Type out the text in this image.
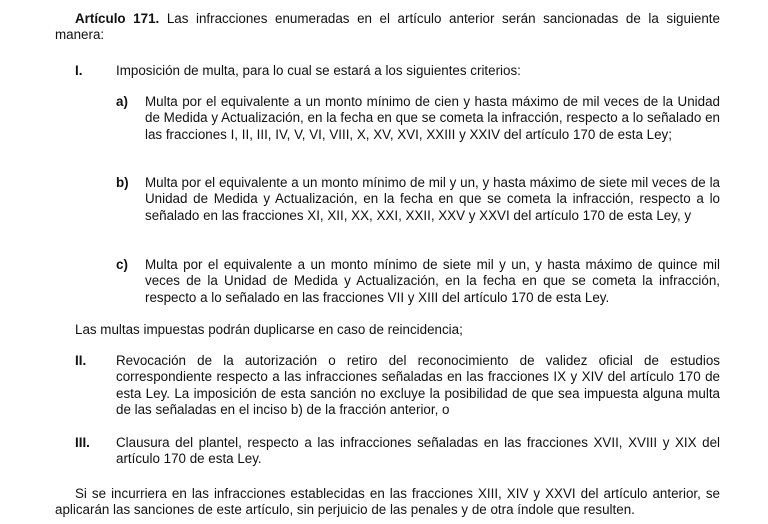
Artículo 171. Las infracciones enumeradas en el artículo anterior serán sancionadas de la siguiente manera:
I.	Imposición de multa, para lo cual se estará a los siguientes criterios:
a) Multa por el equivalente a un monto mínimo de cien y hasta máximo de mil veces de la Unidad de Medida y Actualización, en la fecha en que se cometa la infracción, respecto a lo señalado en las fracciones I, II, III, IV, V, VI, VIII, X, XV, XVI, XXIII y XXIV del artículo 170 de esta Ley;
b) Multa por el equivalente a un monto mínimo de mil y un, y hasta máximo de siete mil veces de la Unidad de Medida y Actualización, en la fecha en que se cometa la infracción, respecto a lo señalado en las fracciones XI, XII, XX, XXI, XXII, XXV y XXVI del artículo 170 de esta Ley, y
c) Multa por el equivalente a un monto mínimo de siete mil y un, y hasta máximo de quince mil veces de la Unidad de Medida y Actualización, en la fecha en que se cometa la infracción, respecto a lo señalado en las fracciones VII y XIII del artículo 170 de esta Ley.
Las multas impuestas podrán duplicarse en caso de reincidencia;
II. Revocación de la autorización o retiro del reconocimiento de validez oficial de estudios correspondiente respecto a las infracciones señaladas en las fracciones IX y XIV del artículo 170 de esta Ley. La imposición de esta sanción no excluye la posibilidad de que sea impuesta alguna multa de las señaladas en el inciso b) de la fracción anterior, o
III. Clausura del plantel, respecto a las infracciones señaladas en las fracciones XVII, XVIII y XIX del artículo 170 de esta Ley.
Si se incurriera en las infracciones establecidas en las fracciones XIII, XIV y XXVI del artículo anterior, se aplicarán las sanciones de este artículo, sin perjuicio de las penales y de otra índole que resulten.
